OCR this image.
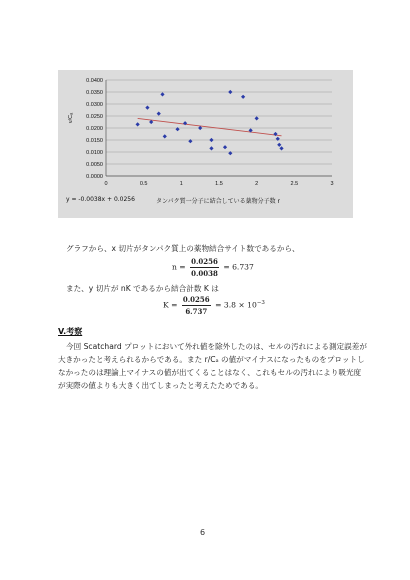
0.0400
0.0350
0.0300
0.0250
0.0200
0.0150
0.0100
0.0050
0.0000
0	0.5	1	1.5	2	2.5	3
ν/Cₐ
y = -0.0038x + 0.0256	タンパク質一分子に結合している薬物分子数 r
グラフから、x 切片がタンパク質上の薬物結合サイト数であるから、
$n = \frac{0.0256}{0.0038} = 6.737$
また、y 切片が nK であるから結合計数 K は
$K = \frac{0.0256}{6.737} = 3.8 \times 10^{-3}$
V.考察
今回 Scatchard プロットにおいて外れ値を除外したのは、セルの汚れによる測定誤差が
大きかったと考えられるからである。また r/Cₐ の値がマイナスになったものをプロットし
なかったのは理論上マイナスの値が出てくることはなく、これもセルの汚れにより吸光度
が実際の値よりも大きく出てしまったと考えたためである。
6
